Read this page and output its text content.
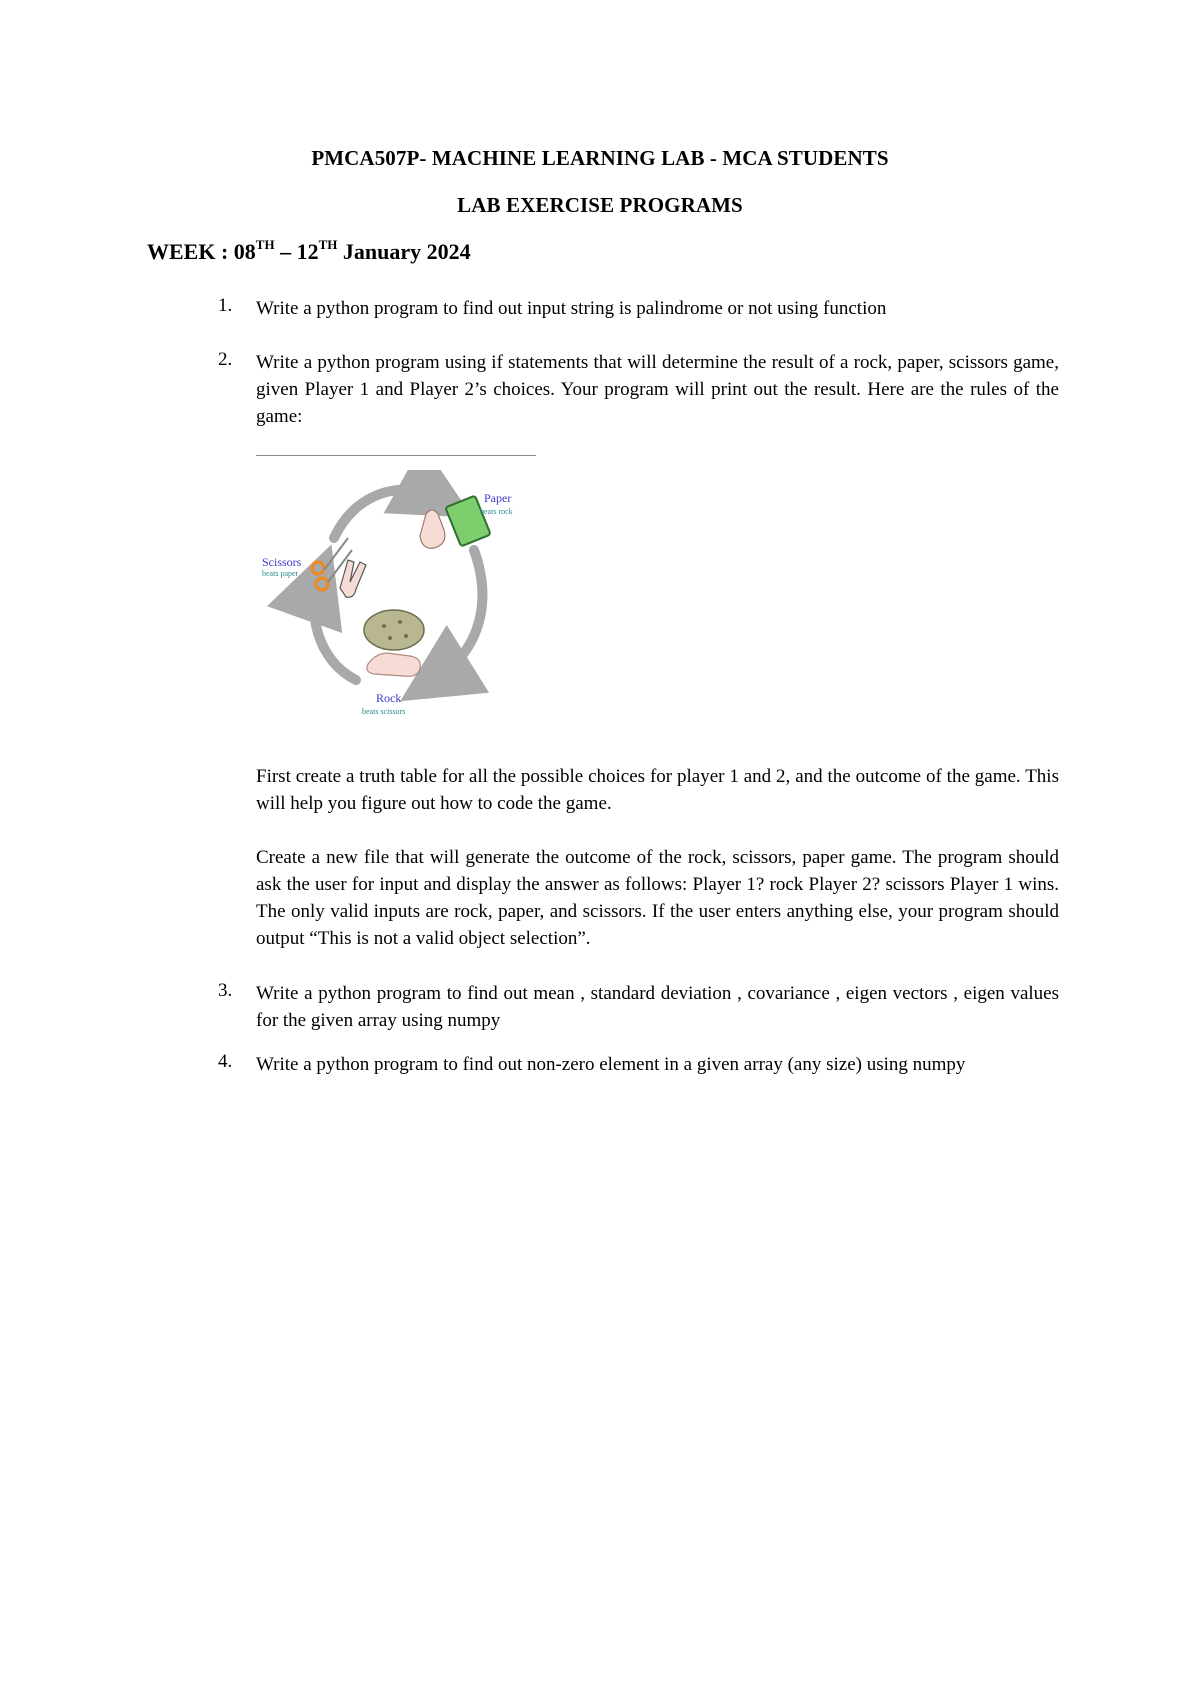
PMCA507P- MACHINE LEARNING LAB - MCA STUDENTS
LAB EXERCISE PROGRAMS
WEEK : 08TH – 12TH January 2024
1. Write a python program to find out input string is palindrome or not using function
2. Write a python program using if statements that will determine the result of a rock, paper, scissors game, given Player 1 and Player 2’s choices. Your program will print out the result. Here are the rules of the game:
Paper
beats rock
Scissors
beats paper
Rock
beats scissors
First create a truth table for all the possible choices for player 1 and 2, and the outcome of the game. This will help you figure out how to code the game.
Create a new file that will generate the outcome of the rock, scissors, paper game. The program should ask the user for input and display the answer as follows: Player 1? rock Player 2? scissors Player 1 wins. The only valid inputs are rock, paper, and scissors. If the user enters anything else, your program should output “This is not a valid object selection”.
3. Write a python program to find out mean , standard deviation , covariance , eigen vectors , eigen values for the given array using numpy
4. Write a python program to find out non-zero element in a given array (any size) using numpy
